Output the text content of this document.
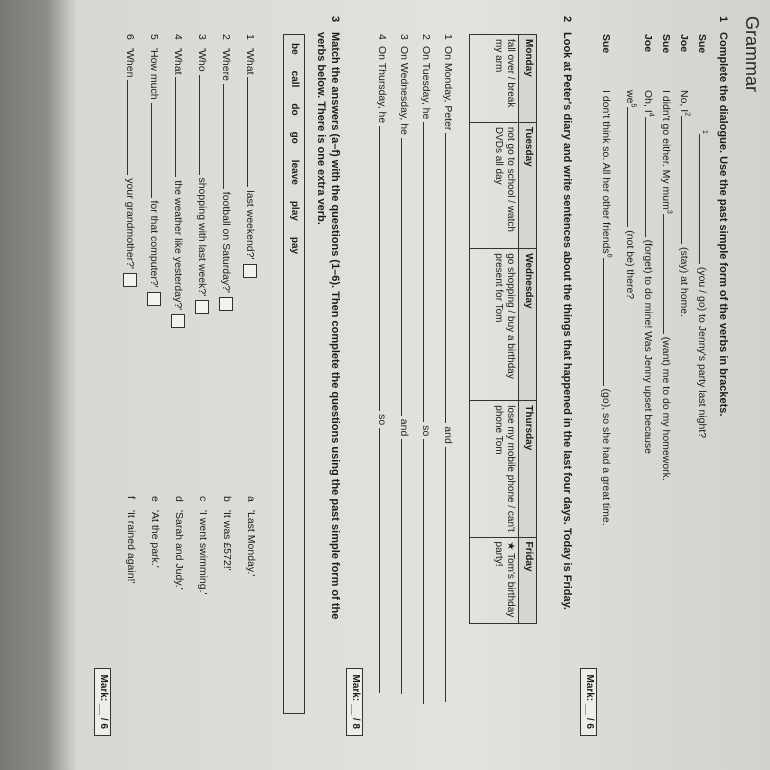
Grammar
1
Complete the dialogue. Use the past simple form of the verbs in brackets.
Sue$^1$ (you / go) to Jenny's party last night?
JoeNo, $I^2$ (stay) at home.
SueI didn't go either. My mum$^3$ (want) me to do my homework.
JoeOh, $I^4$ (forget) to do mine! Was Jenny upset because
$we^5$ (not be) there?
SueI don't think so. All her other friends$^6$ (go), so she had a great time.
Mark: __ / 6
2
Look at Peter's diary and write sentences about the things that happened in the last four days. Today is Friday.
Monday	Tuesday	Wednesday	Thursday	Friday
fall over / break my arm	not go to school / watch DVDs all day	go shopping / buy a birthday present for Tom	lose my mobile phone / can't phone Tom	★ Tom's birthday party!
1On Monday, Peter  and
2On Tuesday, he  so
3On Wednesday, he  and
4On Thursday, he  so
Mark: __ / 8
3
Match the answers (a–f) with the questions (1–6). Then complete the questions using the past simple form of the verbs below. There is one extra verb.
be
call
do
go
leave
play
pay
1'What  last weekend?'
2'Where  football on Saturday?'
3'Who  shopping with last week?'
4'What  the weather like yesterday?'
5'How much  for that computer?'
6'When  your grandmother?'
a'Last Monday.'
b'It was £572!'
c'I went swimming.'
d'Sarah and Judy.'
e'At the park.'
f'It rained again!'
Mark: __ / 6
